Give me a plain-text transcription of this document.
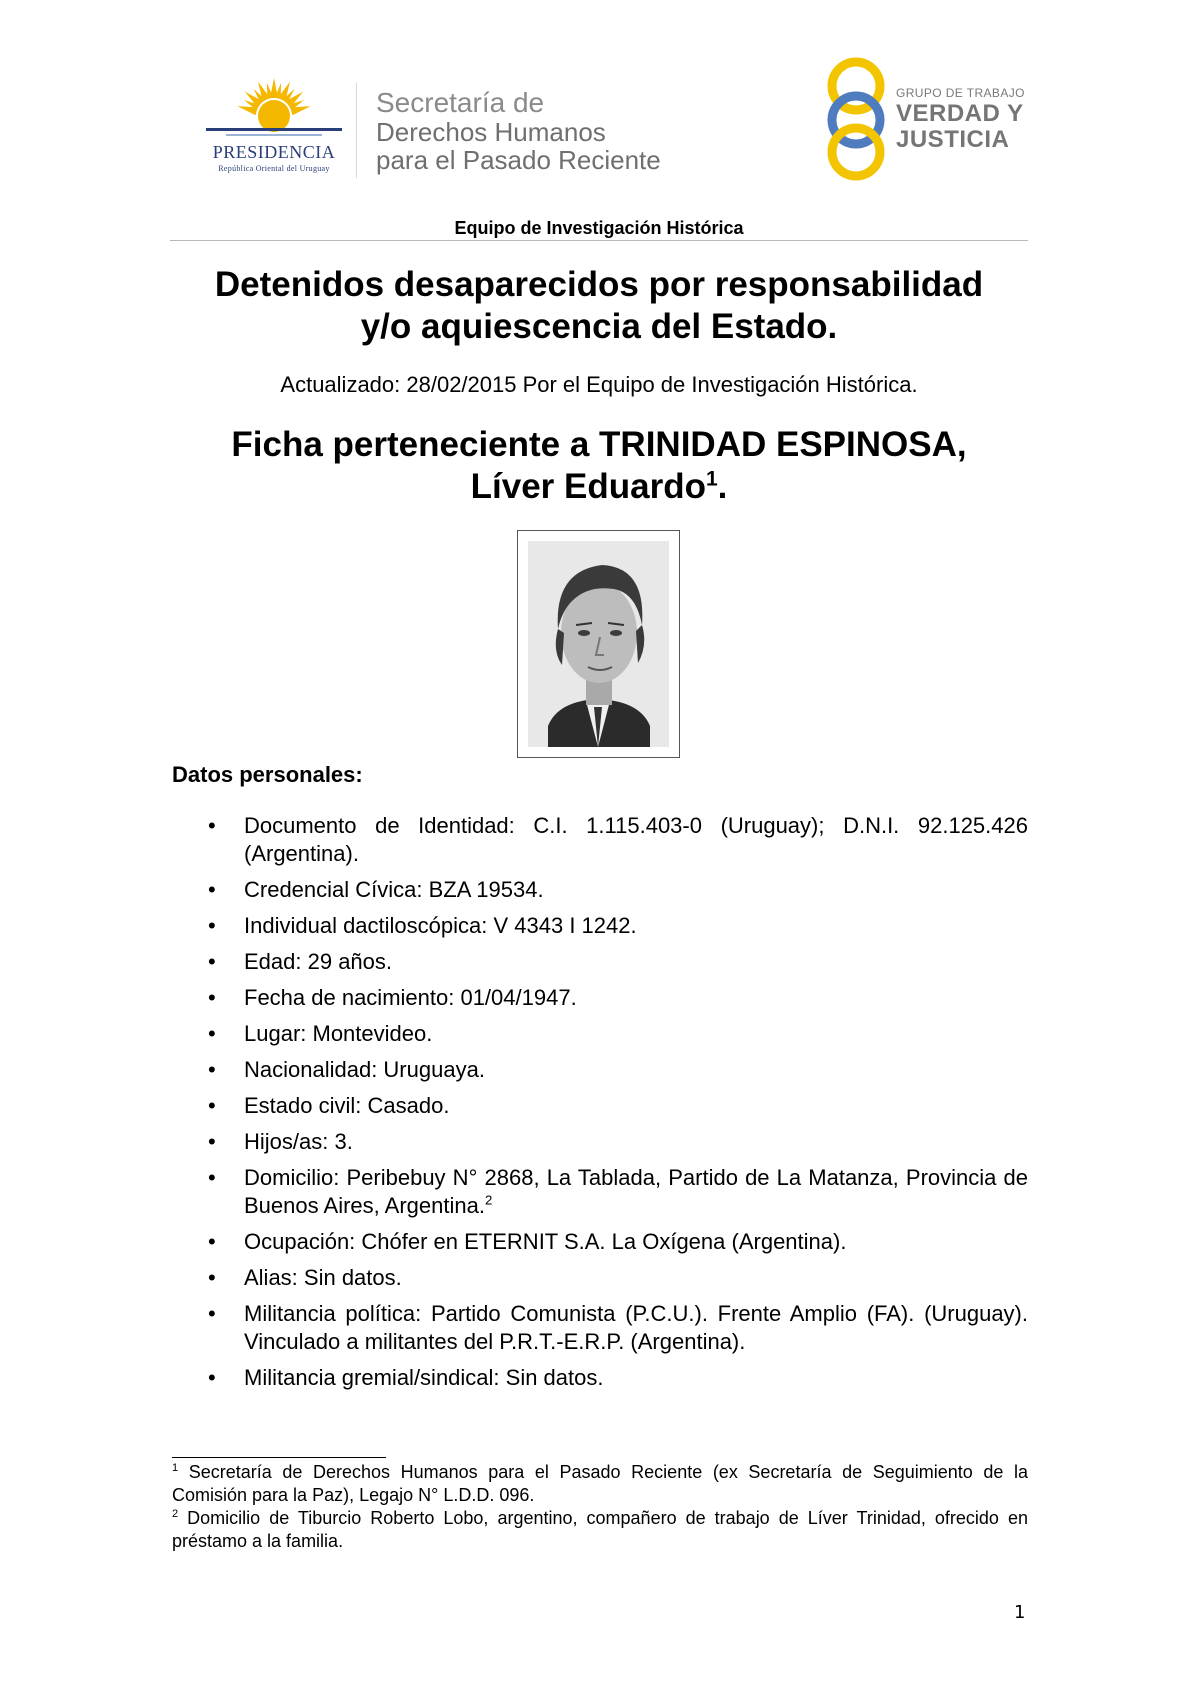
PRESIDENCIA
República Oriental del Uruguay
Secretaría de
Derechos Humanos
para el Pasado Reciente
GRUPO DE TRABAJO
VERDAD Y
JUSTICIA
Equipo de Investigación Histórica
Detenidos desaparecidos por responsabilidad
y/o aquiescencia del Estado.
Actualizado: 28/02/2015 Por el Equipo de Investigación Histórica.
Ficha perteneciente a TRINIDAD ESPINOSA,
Líver Eduardo$^1$.
Datos personales:
• Documento de Identidad: C.I. 1.115.403-0 (Uruguay); D.N.I. 92.125.426 (Argentina).
• Credencial Cívica: BZA 19534.
• Individual dactiloscópica: V 4343 I 1242.
• Edad: 29 años.
• Fecha de nacimiento: 01/04/1947.
• Lugar: Montevideo.
• Nacionalidad: Uruguaya.
• Estado civil: Casado.
• Hijos/as: 3.
• Domicilio: Peribebuy N° 2868, La Tablada, Partido de La Matanza, Provincia de Buenos Aires, Argentina.$^2$
• Ocupación: Chófer en ETERNIT S.A. La Oxígena (Argentina).
• Alias: Sin datos.
• Militancia política: Partido Comunista (P.C.U.). Frente Amplio (FA). (Uruguay). Vinculado a militantes del P.R.T.-E.R.P. (Argentina).
• Militancia gremial/sindical: Sin datos.

$^1$ Secretaría de Derechos Humanos para el Pasado Reciente (ex Secretaría de Seguimiento de la Comisión para la Paz), Legajo N° L.D.D. 096.

$^2$ Domicilio de Tiburcio Roberto Lobo, argentino, compañero de trabajo de Líver Trinidad, ofrecido en préstamo a la familia.

1
